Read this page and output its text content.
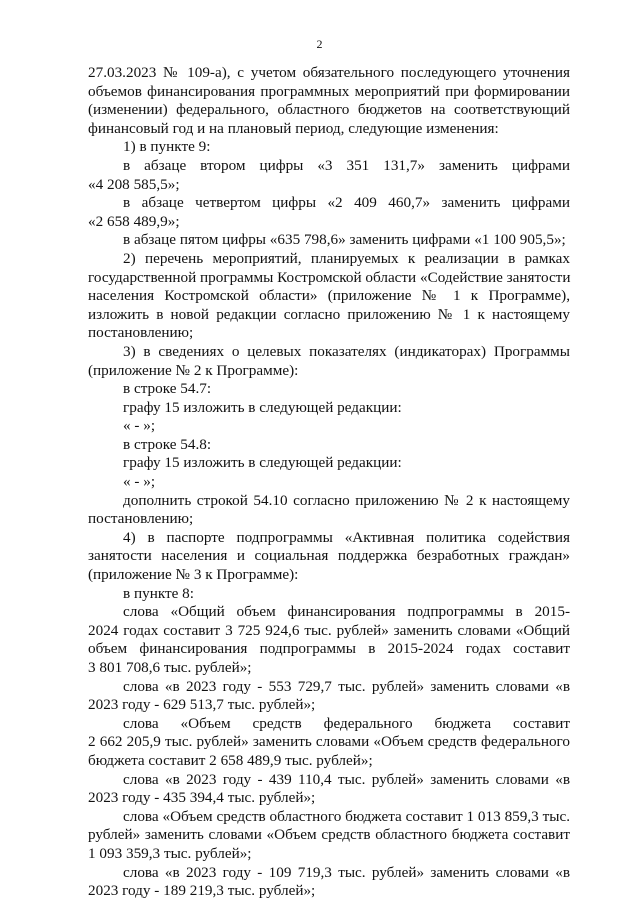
2
27.03.2023 № 109-а), с учетом обязательного последующего уточнения
объемов финансирования программных мероприятий при формировании
(изменении) федерального, областного бюджетов на соответствующий
финансовый год и на плановый период, следующие изменения:
1) в пункте 9:
в абзаце втором цифры «3 351 131,7» заменить цифрами
«4 208 585,5»;
в абзаце четвертом цифры «2 409 460,7» заменить цифрами
«2 658 489,9»;
в абзаце пятом цифры «635 798,6» заменить цифрами «1 100 905,5»;
2) перечень мероприятий, планируемых к реализации в рамках
государственной программы Костромской области «Содействие занятости
населения Костромской области» (приложение № 1 к Программе),
изложить в новой редакции согласно приложению № 1 к настоящему
постановлению;
3) в сведениях о целевых показателях (индикаторах) Программы
(приложение № 2 к Программе):
в строке 54.7:
графу 15 изложить в следующей редакции:
« - »;
в строке 54.8:
графу 15 изложить в следующей редакции:
« - »;
дополнить строкой 54.10 согласно приложению № 2 к настоящему
постановлению;
4) в паспорте подпрограммы «Активная политика содействия
занятости населения и социальная поддержка безработных граждан»
(приложение № 3 к Программе):
в пункте 8:
слова «Общий объем финансирования подпрограммы в 2015-
2024 годах составит 3 725 924,6 тыс. рублей» заменить словами «Общий
объем финансирования подпрограммы в 2015-2024 годах составит
3 801 708,6 тыс. рублей»;
слова «в 2023 году - 553 729,7 тыс. рублей» заменить словами «в
2023 году - 629 513,7 тыс. рублей»;
слова «Объем средств федерального бюджета составит
2 662 205,9 тыс. рублей» заменить словами «Объем средств федерального
бюджета составит 2 658 489,9 тыс. рублей»;
слова «в 2023 году - 439 110,4 тыс. рублей» заменить словами «в
2023 году - 435 394,4 тыс. рублей»;
слова «Объем средств областного бюджета составит 1 013 859,3 тыс.
рублей» заменить словами «Объем средств областного бюджета составит
1 093 359,3 тыс. рублей»;
слова «в 2023 году - 109 719,3 тыс. рублей» заменить словами «в
2023 году - 189 219,3 тыс. рублей»;
